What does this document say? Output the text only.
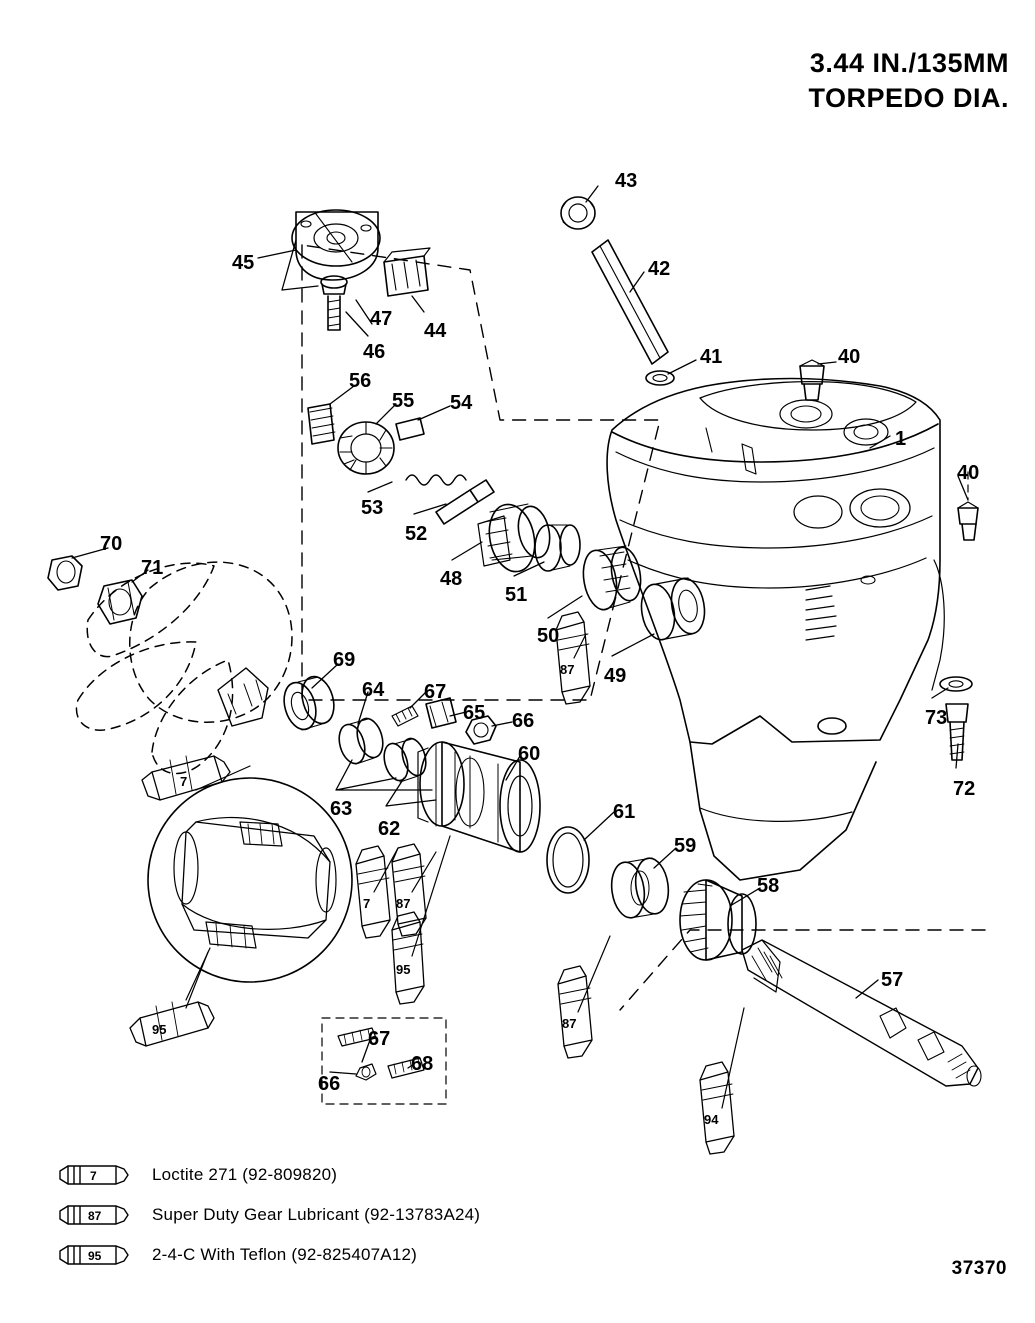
3.44 IN./135MM
TORPEDO DIA.
7
95
7 87
95
87
87
94
43
42
45
47
44
46	41	40
56
55 54
1
40
53
52
48
51
50
49
70
71
73
72
69
64 67
65 66
60
63
62
61
59
58
57
67
68
66
7	Loctite 271 (92-809820)
87	Super Duty Gear Lubricant (92-13783A24)
95	2-4-C With Teflon (92-825407A12)
37370
